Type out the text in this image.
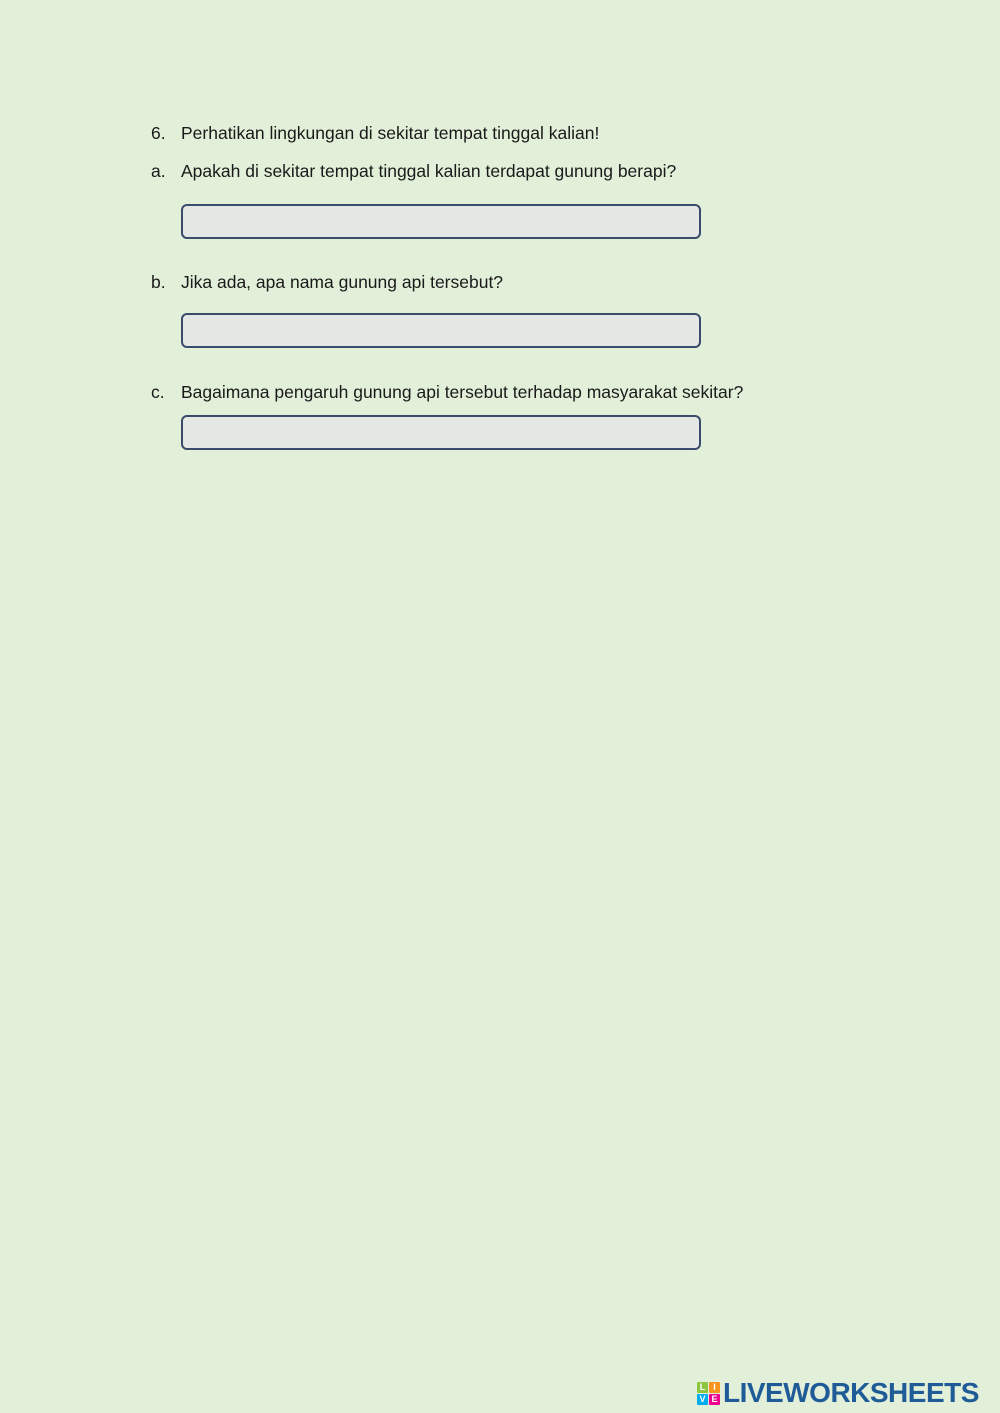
6. Perhatikan lingkungan di sekitar tempat tinggal kalian!
a. Apakah di sekitar tempat tinggal kalian terdapat gunung berapi?
b. Jika ada, apa nama gunung api tersebut?
c. Bagaimana pengaruh gunung api tersebut terhadap masyarakat sekitar?
L I
V E LIVEWORKSHEETS
